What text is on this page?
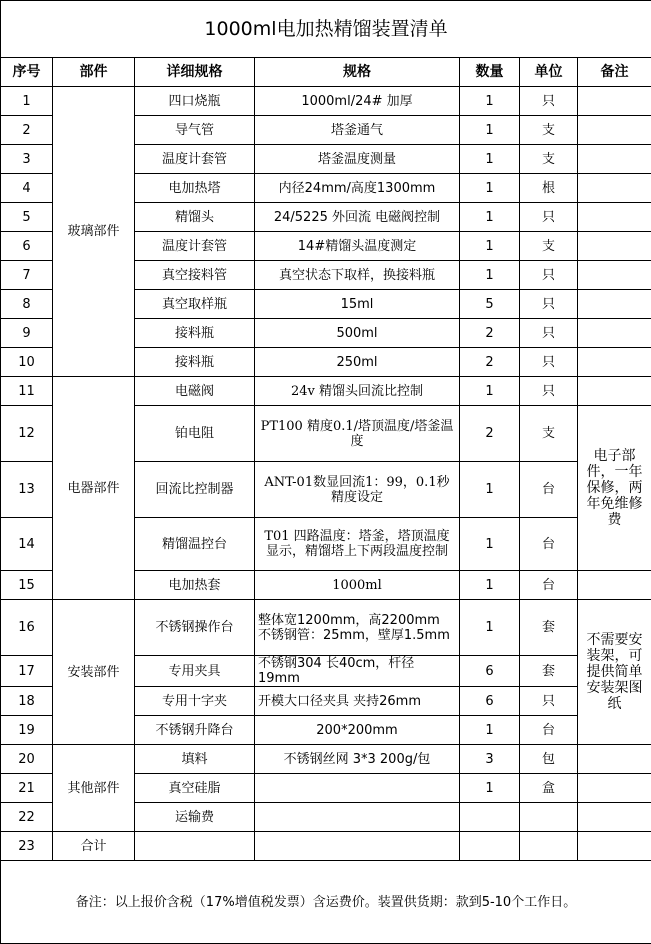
1000ml电加热精馏装置清单						
序号	部件	详细规格	规格	数量	单位	备注
1	玻璃部件	四口烧瓶	1000ml/24# 加厚	1	只	
2		导气管	塔釜通气	1	支	
3		温度计套管	塔釜温度测量	1	支	
4		电加热塔	内径24mm/高度1300mm	1	根	
5		精馏头	24/5225 外回流 电磁阀控制	1	只	
6		温度计套管	14#精馏头温度测定	1	支	
7		真空接料管	真空状态下取样，换接料瓶	1	只	
8		真空取样瓶	15ml	5	只	
9		接料瓶	500ml	2	只	
10		接料瓶	250ml	2	只	
11	电器部件	电磁阀	24v 精馏头回流比控制	1	只	
12		铂电阻	PT100 精度0.1/塔顶温度/塔釜温度	2	支	电子部件，一年保修，两年免维修费
13		回流比控制器	ANT-01数显回流1：99，0.1秒精度设定	1	台	
14		精馏温控台	T01 四路温度：塔釜，塔顶温度显示，精馏塔上下两段温度控制	1	台	
15		电加热套	1000ml	1	台	
16	安装部件	不锈钢操作台	整体宽1200mm，高2200mm 不锈钢管：25mm，壁厚1.5mm	1	套	不需要安装架，可提供简单安装架图纸
17		专用夹具	不锈钢304 长40cm，杆径19mm	6	套	
18		专用十字夹	开模大口径夹具 夹持26mm	6	只	
19		不锈钢升降台	200*200mm	1	台	
20	其他部件	填料	不锈钢丝网 3*3 200g/包	3	包	
21		真空硅脂		1	盒	
22		运输费				
23	合计					
备注：以上报价含税（17%增值税发票）含运费价。装置供货期：款到5-10个工作日。						
